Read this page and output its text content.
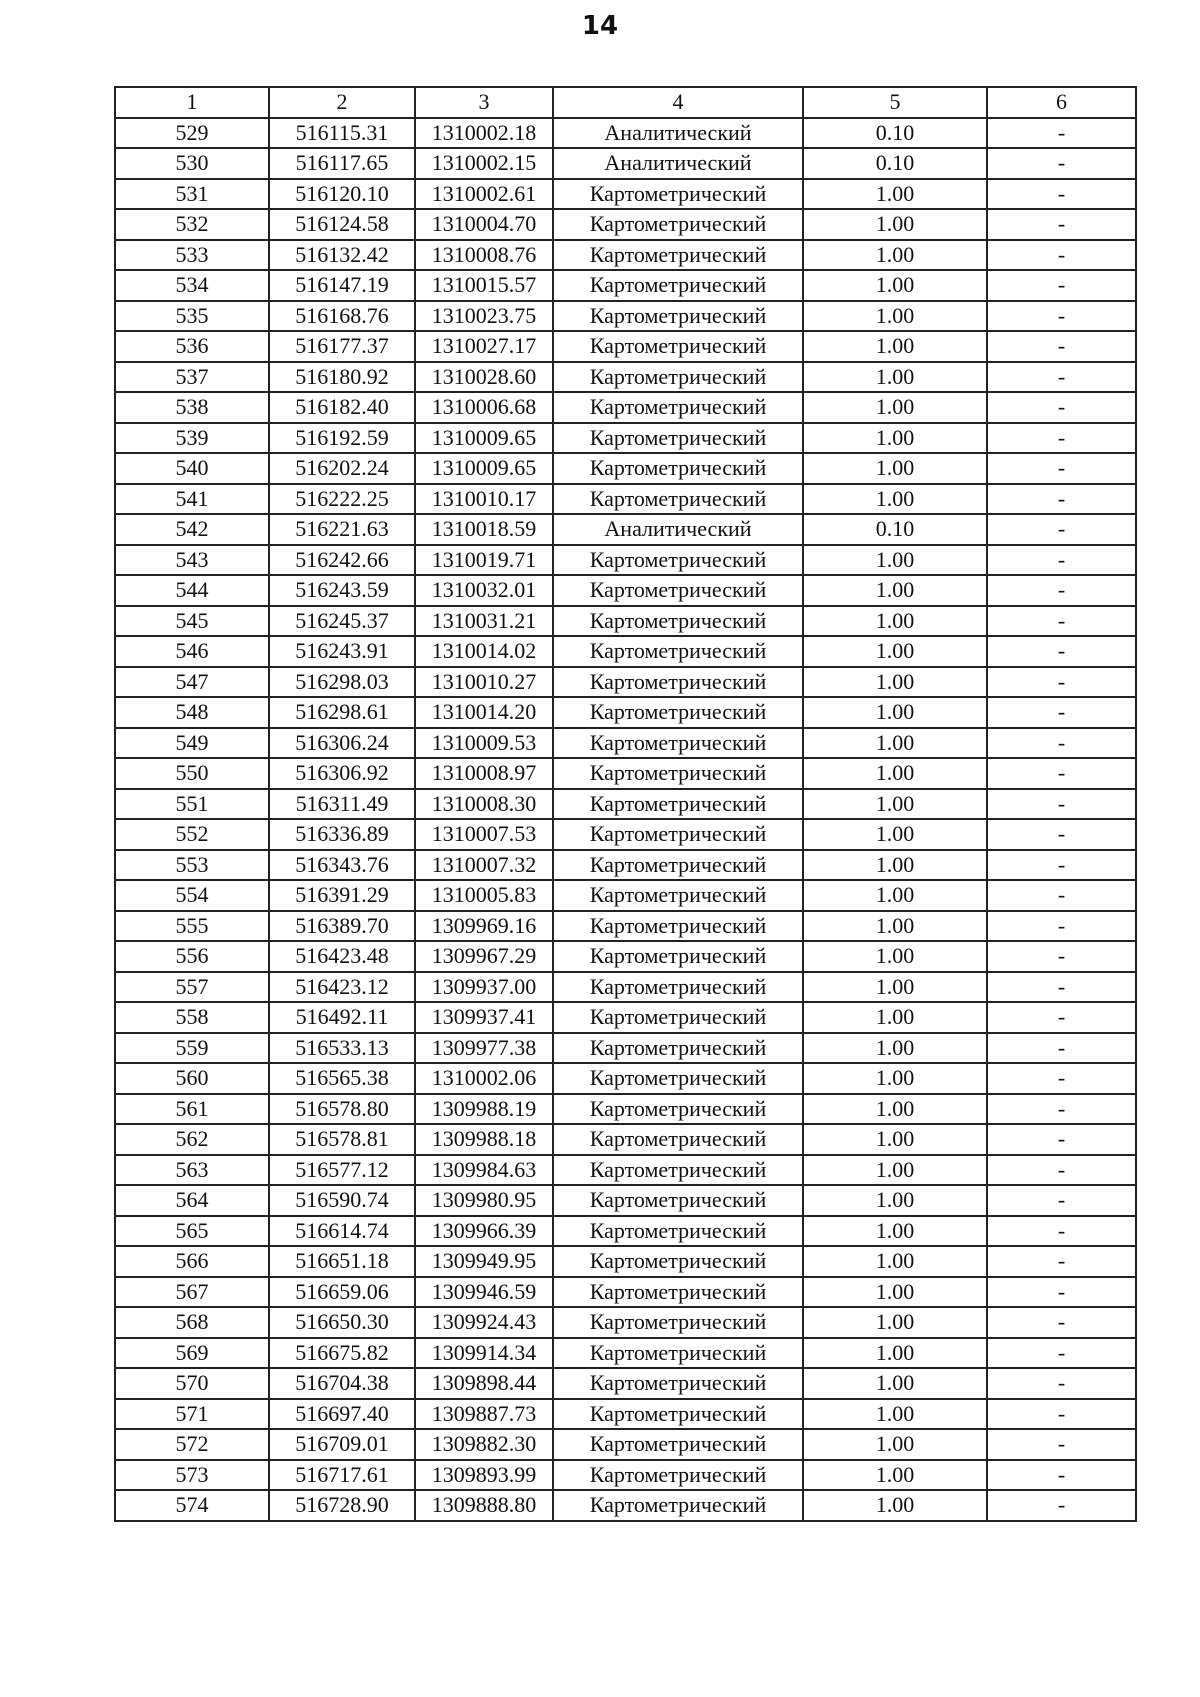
14
1	2	3	4	5	6
529	516115.31	1310002.18	Аналитический	0.10	-
530	516117.65	1310002.15	Аналитический	0.10	-
531	516120.10	1310002.61	Картометрический	1.00	-
532	516124.58	1310004.70	Картометрический	1.00	-
533	516132.42	1310008.76	Картометрический	1.00	-
534	516147.19	1310015.57	Картометрический	1.00	-
535	516168.76	1310023.75	Картометрический	1.00	-
536	516177.37	1310027.17	Картометрический	1.00	-
537	516180.92	1310028.60	Картометрический	1.00	-
538	516182.40	1310006.68	Картометрический	1.00	-
539	516192.59	1310009.65	Картометрический	1.00	-
540	516202.24	1310009.65	Картометрический	1.00	-
541	516222.25	1310010.17	Картометрический	1.00	-
542	516221.63	1310018.59	Аналитический	0.10	-
543	516242.66	1310019.71	Картометрический	1.00	-
544	516243.59	1310032.01	Картометрический	1.00	-
545	516245.37	1310031.21	Картометрический	1.00	-
546	516243.91	1310014.02	Картометрический	1.00	-
547	516298.03	1310010.27	Картометрический	1.00	-
548	516298.61	1310014.20	Картометрический	1.00	-
549	516306.24	1310009.53	Картометрический	1.00	-
550	516306.92	1310008.97	Картометрический	1.00	-
551	516311.49	1310008.30	Картометрический	1.00	-
552	516336.89	1310007.53	Картометрический	1.00	-
553	516343.76	1310007.32	Картометрический	1.00	-
554	516391.29	1310005.83	Картометрический	1.00	-
555	516389.70	1309969.16	Картометрический	1.00	-
556	516423.48	1309967.29	Картометрический	1.00	-
557	516423.12	1309937.00	Картометрический	1.00	-
558	516492.11	1309937.41	Картометрический	1.00	-
559	516533.13	1309977.38	Картометрический	1.00	-
560	516565.38	1310002.06	Картометрический	1.00	-
561	516578.80	1309988.19	Картометрический	1.00	-
562	516578.81	1309988.18	Картометрический	1.00	-
563	516577.12	1309984.63	Картометрический	1.00	-
564	516590.74	1309980.95	Картометрический	1.00	-
565	516614.74	1309966.39	Картометрический	1.00	-
566	516651.18	1309949.95	Картометрический	1.00	-
567	516659.06	1309946.59	Картометрический	1.00	-
568	516650.30	1309924.43	Картометрический	1.00	-
569	516675.82	1309914.34	Картометрический	1.00	-
570	516704.38	1309898.44	Картометрический	1.00	-
571	516697.40	1309887.73	Картометрический	1.00	-
572	516709.01	1309882.30	Картометрический	1.00	-
573	516717.61	1309893.99	Картометрический	1.00	-
574	516728.90	1309888.80	Картометрический	1.00	-
